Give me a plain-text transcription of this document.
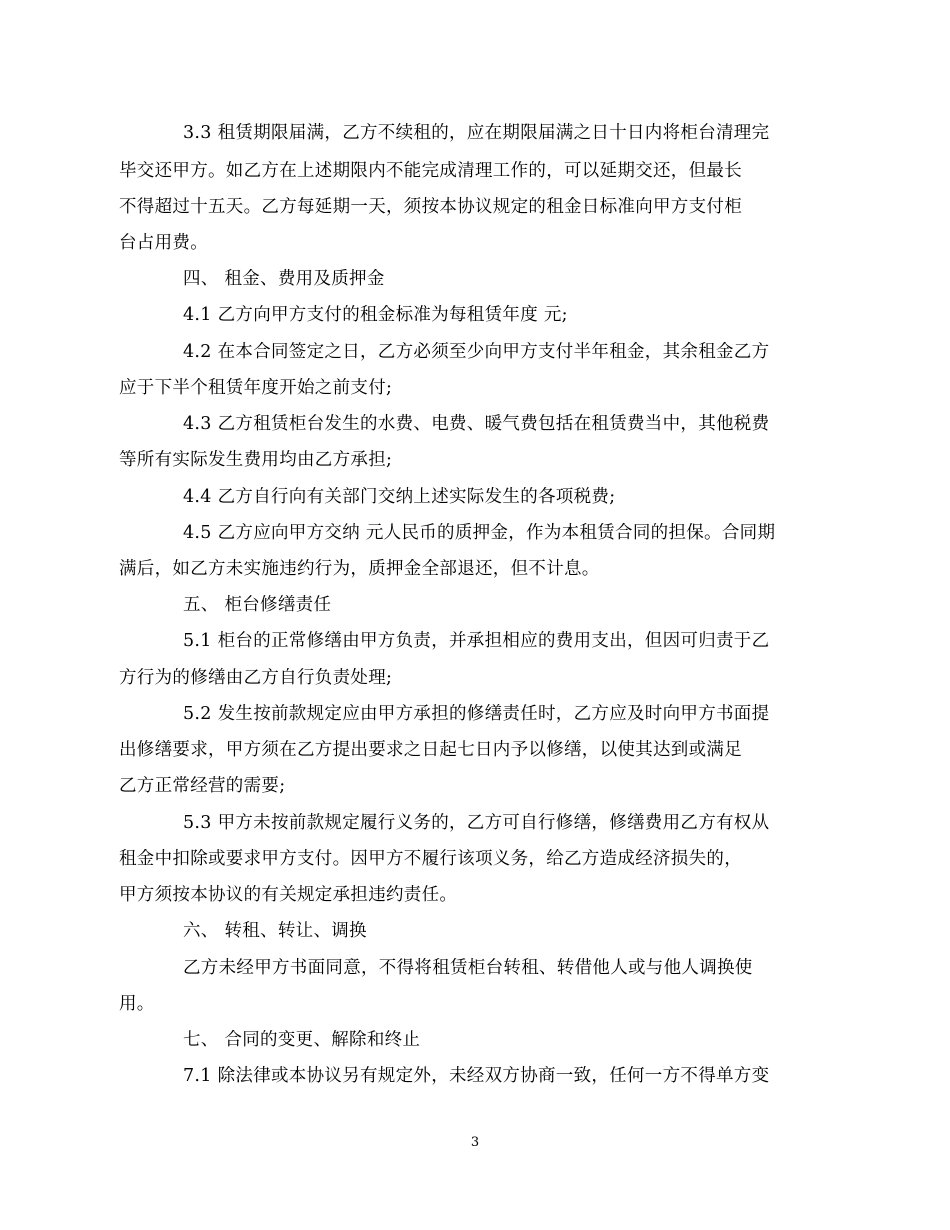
3.3 租赁期限届满，乙方不续租的，应在期限届满之日十日内将柜台清理完
毕交还甲方。如乙方在上述期限内不能完成清理工作的，可以延期交还，但最长
不得超过十五天。乙方每延期一天，须按本协议规定的租金日标准向甲方支付柜
台占用费。
四、 租金、费用及质押金
4.1 乙方向甲方支付的租金标准为每租赁年度 元;
4.2 在本合同签定之日，乙方必须至少向甲方支付半年租金，其余租金乙方
应于下半个租赁年度开始之前支付;
4.3 乙方租赁柜台发生的水费、电费、暖气费包括在租赁费当中，其他税费
等所有实际发生费用均由乙方承担;
4.4 乙方自行向有关部门交纳上述实际发生的各项税费;
4.5 乙方应向甲方交纳 元人民币的质押金，作为本租赁合同的担保。合同期
满后，如乙方未实施违约行为，质押金全部退还，但不计息。
五、 柜台修缮责任
5.1 柜台的正常修缮由甲方负责，并承担相应的费用支出，但因可归责于乙
方行为的修缮由乙方自行负责处理;
5.2 发生按前款规定应由甲方承担的修缮责任时，乙方应及时向甲方书面提
出修缮要求，甲方须在乙方提出要求之日起七日内予以修缮，以使其达到或满足
乙方正常经营的需要;
5.3 甲方未按前款规定履行义务的，乙方可自行修缮，修缮费用乙方有权从
租金中扣除或要求甲方支付。因甲方不履行该项义务，给乙方造成经济损失的，
甲方须按本协议的有关规定承担违约责任。
六、 转租、转让、调换
乙方未经甲方书面同意，不得将租赁柜台转租、转借他人或与他人调换使
用。
七、 合同的变更、解除和终止
7.1 除法律或本协议另有规定外，未经双方协商一致，任何一方不得单方变
3
